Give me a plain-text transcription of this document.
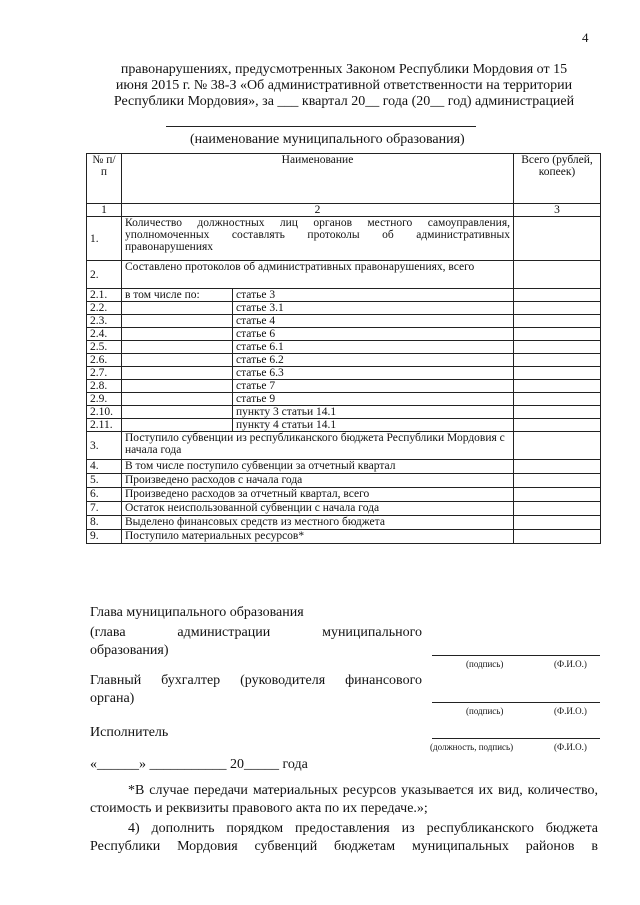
4
правонарушениях, предусмотренных Законом Республики Мордовия от 15
июня 2015 г. № 38-З «Об административной ответственности на территории
Республики Мордовия», за ___ квартал 20__ года (20__ год) администрацией
(наименование муниципального образования)
№ п/п	Наименование		Всего (рублей, копеек)
1	2		3
1.	Количество должностных лиц органов местного самоуправления, уполномоченных составлять протоколы об административных правонарушениях		
2.	Составлено протоколов об административных правонарушениях, всего		
2.1.	в том числе по:	статье 3	
2.2.		статье 3.1	
2.3.		статье 4	
2.4.		статье 6	
2.5.		статье 6.1	
2.6.		статье 6.2	
2.7.		статье 6.3	
2.8.		статье 7	
2.9.		статье 9	
2.10.		пункту 3 статьи 14.1	
2.11.		пункту 4 статьи 14.1	
3.	Поступило субвенции из республиканского бюджета Республики Мордовия с начала года		
4.	В том числе поступило субвенции за отчетный квартал		
5.	Произведено расходов с начала года		
6.	Произведено расходов за отчетный квартал, всего		
7.	Остаток неиспользованной субвенции с начала года		
8.	Выделено финансовых средств из местного бюджета		
9.	Поступило материальных ресурсов*		
Глава муниципального образования
(глава	администрации	муниципального
образования)
(подпись)	(Ф.И.О.)
Главный бухгалтер (руководителя финансового
органа)
(подпись)	(Ф.И.О.)
Исполнитель
(должность, подпись)	(Ф.И.О.)
«______» ___________ 20_____ года
*В случае передачи материальных ресурсов указывается их вид, количество, стоимость и реквизиты правового акта по их передаче.»;
4) дополнить порядком предоставления из республиканского бюджета
Республики Мордовия субвенций бюджетам муниципальных районов в
